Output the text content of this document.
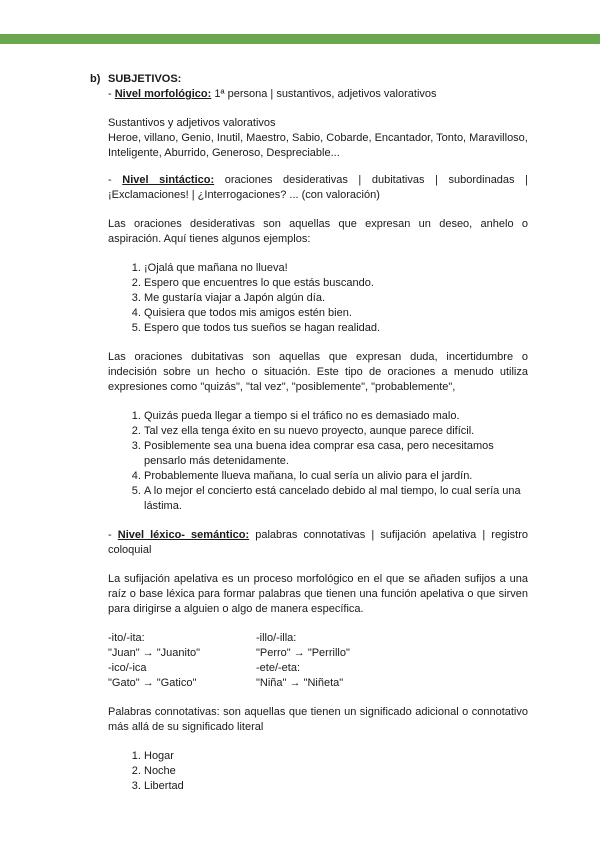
b) SUBJETIVOS:

- Nivel morfológico: 1ª persona | sustantivos, adjetivos valorativos

Sustantivos y adjetivos valorativos

Heroe, villano, Genio, Inutil, Maestro, Sabio, Cobarde, Encantador, Tonto, Maravilloso, Inteligente, Aburrido, Generoso, Despreciable...

- Nivel sintáctico: oraciones desiderativas | dubitativas | subordinadas | ¡Exclamaciones! | ¿Interrogaciones? ... (con valoración)

Las oraciones desiderativas son aquellas que expresan un deseo, anhelo o aspiración. Aquí tienes algunos ejemplos:

1. ¡Ojalá que mañana no llueva!
2. Espero que encuentres lo que estás buscando.
3. Me gustaría viajar a Japón algún día.
4. Quisiera que todos mis amigos estén bien.
5. Espero que todos tus sueños se hagan realidad.

Las oraciones dubitativas son aquellas que expresan duda, incertidumbre o indecisión sobre un hecho o situación. Este tipo de oraciones a menudo utiliza expresiones como "quizás", "tal vez", "posiblemente", "probablemente",

1. Quizás pueda llegar a tiempo si el tráfico no es demasiado malo.
2. Tal vez ella tenga éxito en su nuevo proyecto, aunque parece difícil.
3. Posiblemente sea una buena idea comprar esa casa, pero necesitamos pensarlo más detenidamente.
4. Probablemente llueva mañana, lo cual sería un alivio para el jardín.
5. A lo mejor el concierto está cancelado debido al mal tiempo, lo cual sería una lástima.

- Nivel léxico- semántico: palabras connotativas | sufijación apelativa | registro coloquial

La sufijación apelativa es un proceso morfológico en el que se añaden sufijos a una raíz o base léxica para formar palabras que tienen una función apelativa o que sirven para dirigirse a alguien o algo de manera específica.

-ito/-ita:	-illo/-illa:
"Juan" → "Juanito"	"Perro" → "Perrillo"
-ico/-ica	-ete/-eta:
"Gato" → "Gatico"	"Niña" → "Niñeta"

Palabras connotativas: son aquellas que tienen un significado adicional o connotativo más allá de su significado literal

1. Hogar
2. Noche
3. Libertad
